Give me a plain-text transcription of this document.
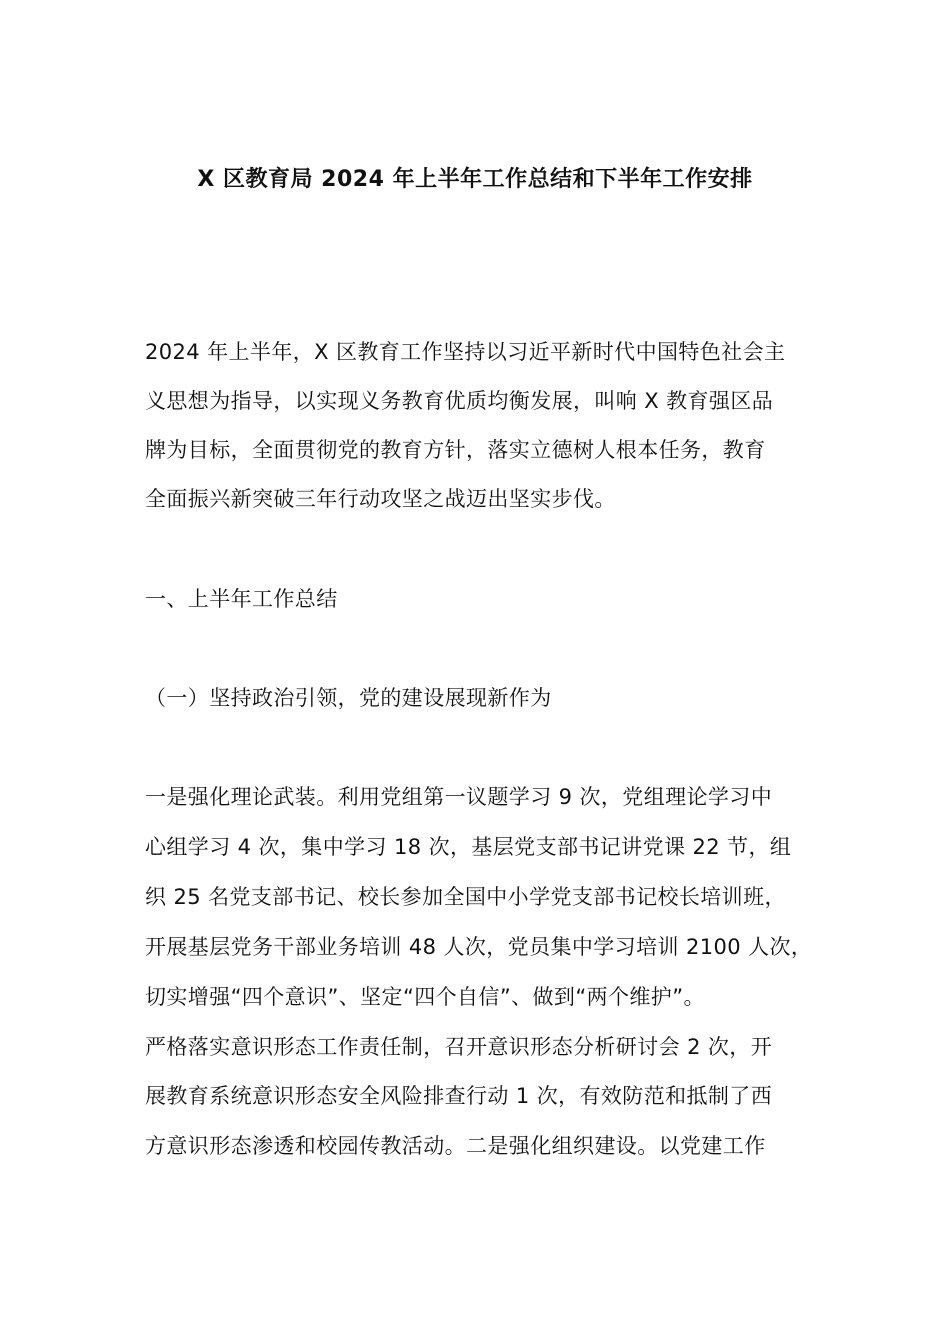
X 区教育局 2024 年上半年工作总结和下半年工作安排
2024 年上半年，X 区教育工作坚持以习近平新时代中国特色社会主
义思想为指导，以实现义务教育优质均衡发展，叫响 X 教育强区品
牌为目标，全面贯彻党的教育方针，落实立德树人根本任务，教育
全面振兴新突破三年行动攻坚之战迈出坚实步伐。
一、上半年工作总结
（一）坚持政治引领，党的建设展现新作为
一是强化理论武装。利用党组第一议题学习 9 次，党组理论学习中
心组学习 4 次，集中学习 18 次，基层党支部书记讲党课 22 节，组
织 25 名党支部书记、校长参加全国中小学党支部书记校长培训班，
开展基层党务干部业务培训 48 人次，党员集中学习培训 2100 人次，
切实增强“四个意识”、坚定“四个自信”、做到“两个维护”。
严格落实意识形态工作责任制，召开意识形态分析研讨会 2 次，开
展教育系统意识形态安全风险排查行动 1 次，有效防范和抵制了西
方意识形态渗透和校园传教活动。二是强化组织建设。以党建工作
